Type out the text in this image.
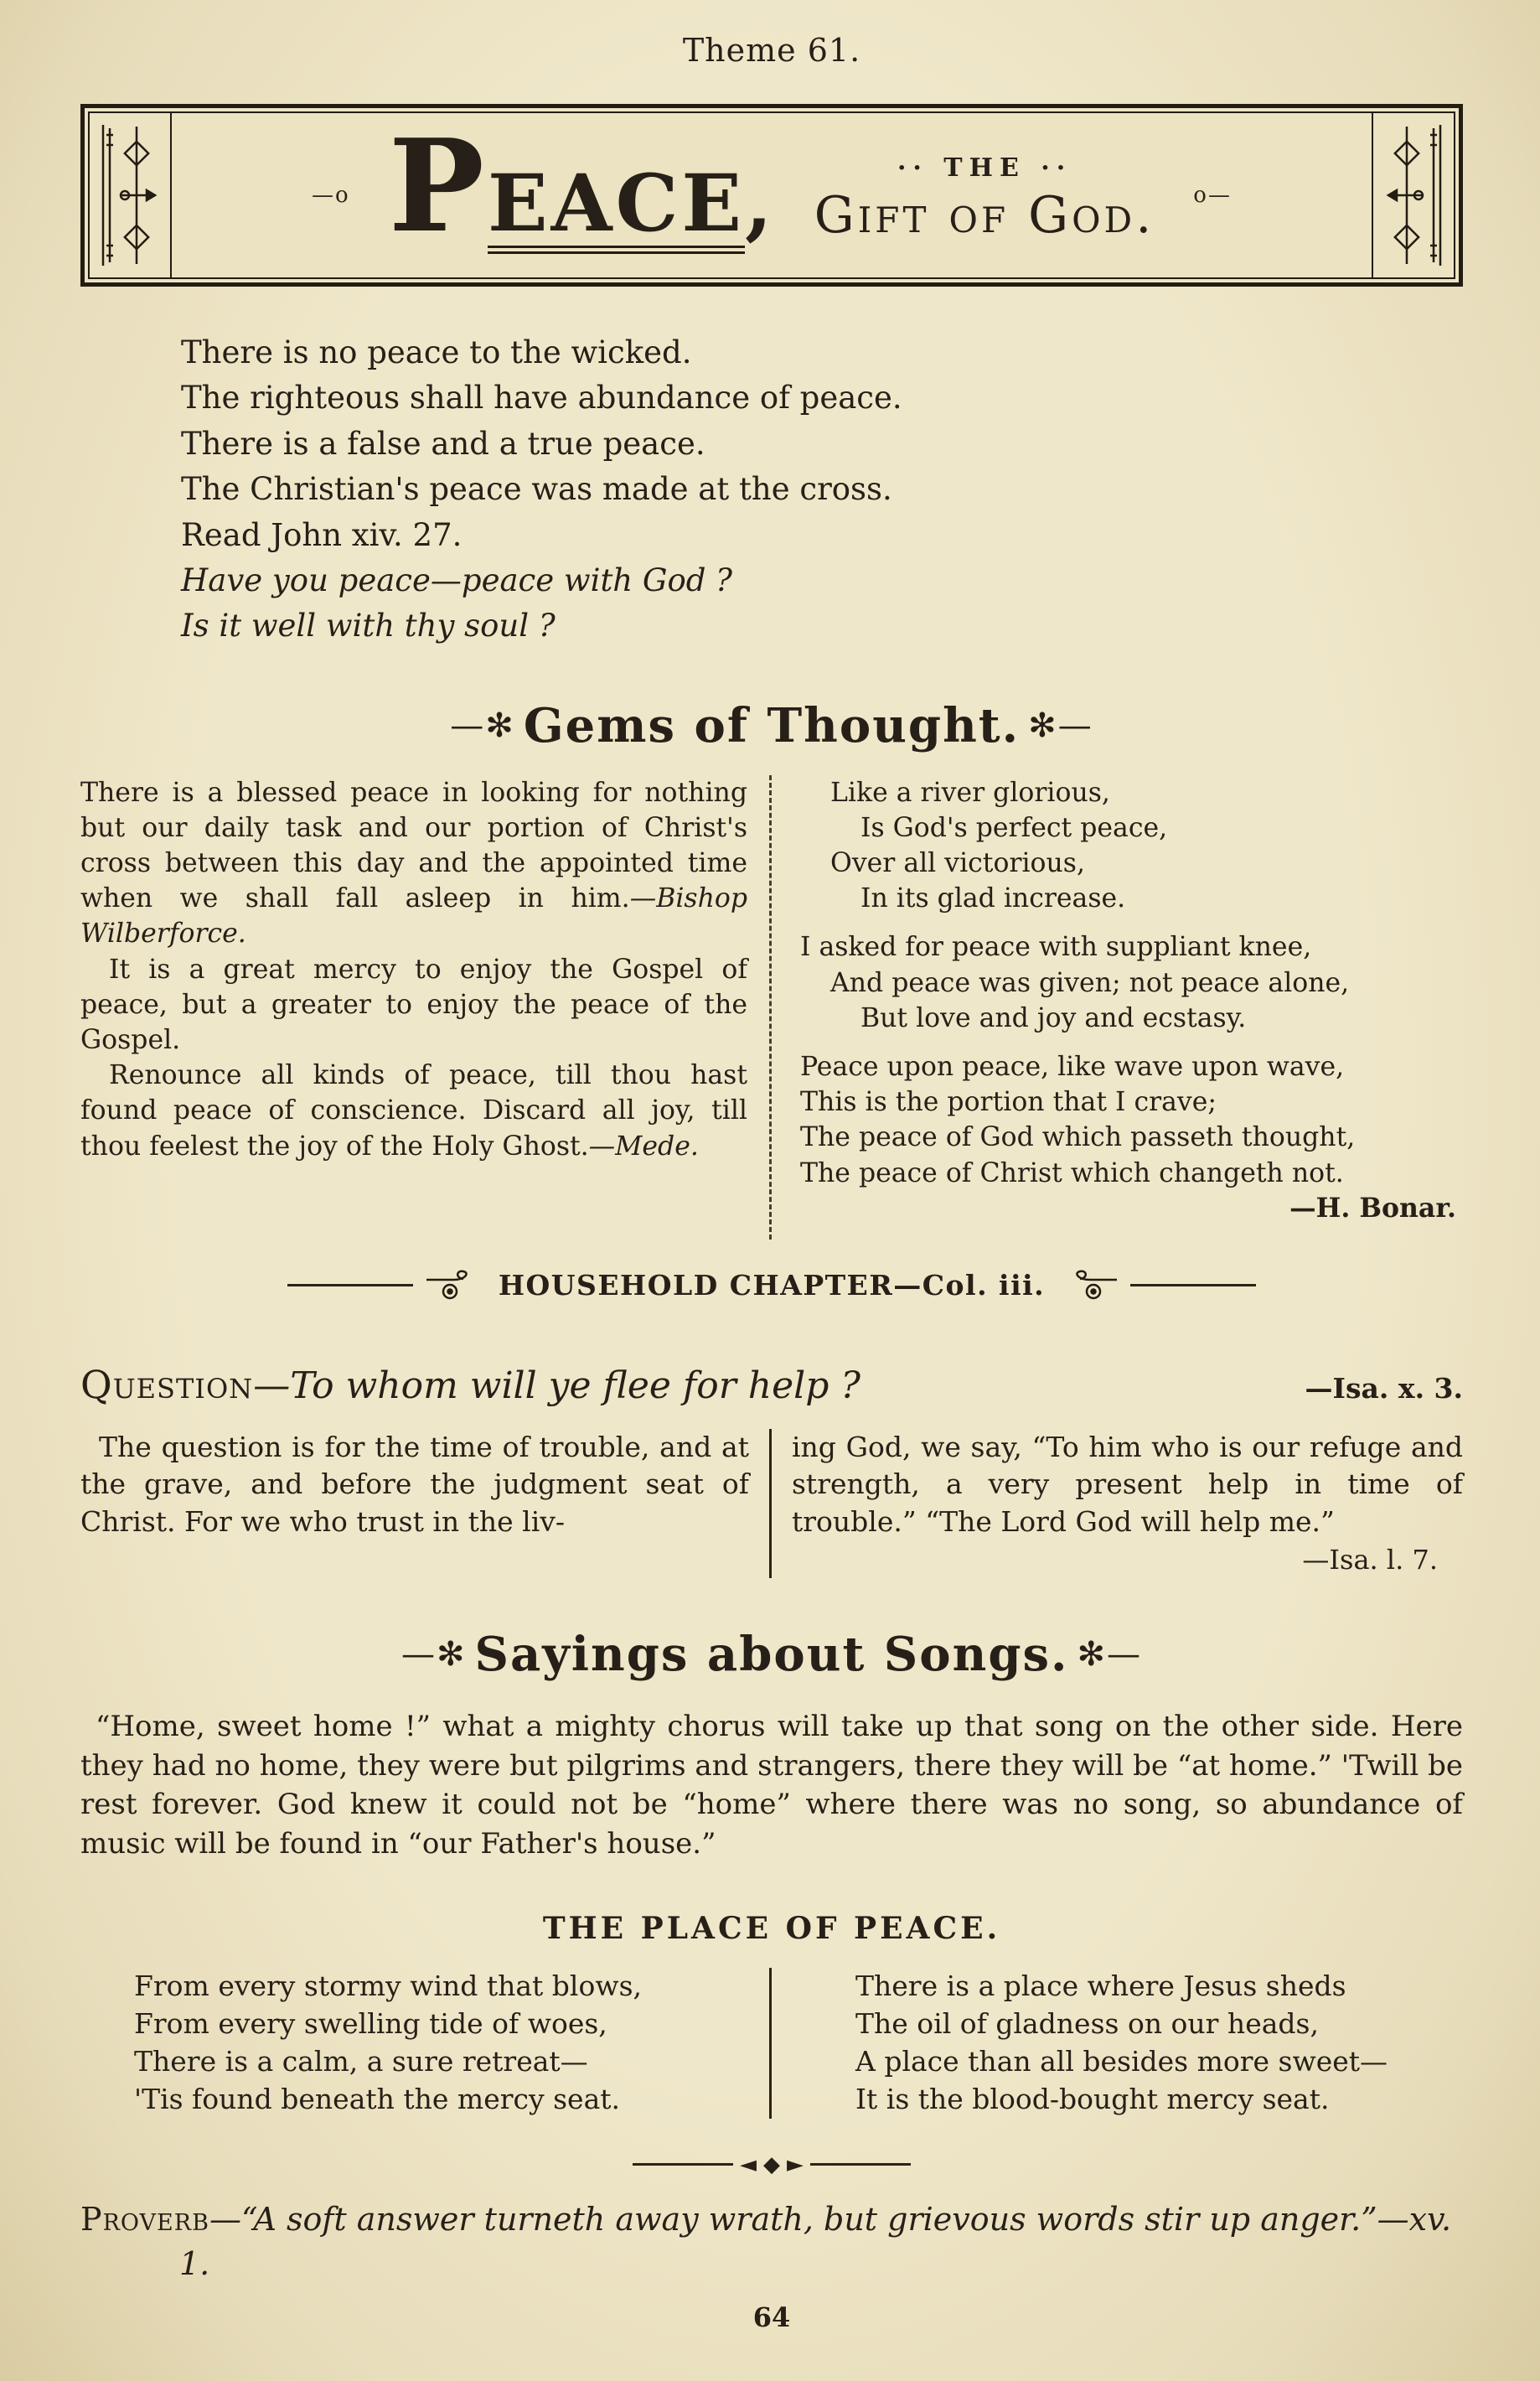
Theme 61.
—o P EACE ,	·· THE ··
Gift of God. o—
There is no peace to the wicked.
The righteous shall have abundance of peace.
There is a false and a true peace.
The Christian's peace was made at the cross.
Read John xiv. 27.
Have you peace—peace with God ?
Is it well with thy soul ?
—✻ Gems of Thought. ✻—

There is a blessed peace in looking for nothing but our daily task and our portion of Christ's cross between this day and the appointed time when we shall fall asleep in him.—Bishop Wilberforce.

It is a great mercy to enjoy the Gospel of peace, but a greater to enjoy the peace of the Gospel.

Renounce all kinds of peace, till thou hast found peace of conscience. Discard all joy, till thou feelest the joy of the Holy Ghost.—Mede.

Like a river glorious,
Is God's perfect peace,
Over all victorious,
In its glad increase.
I asked for peace with suppliant knee,
And peace was given; not peace alone,
But love and joy and ecstasy.
Peace upon peace, like wave upon wave,
This is the portion that I crave;
The peace of God which passeth thought,
The peace of Christ which changeth not.
—H. Bonar.
HOUSEHOLD CHAPTER—Col. iii.
Question —To whom will ye flee for help ?	—Isa. x. 3.
The question is for the time of trouble, and at the grave, and before the judgment seat of Christ. For we who trust in the liv-
ing God, we say, “To him who is our refuge and strength, a very present help in time of trouble.” “The Lord God will help me.”
—Isa. l. 7.
—✻ Sayings about Songs. ✻—

“Home, sweet home !” what a mighty chorus will take up that song on the other side. Here they had no home, they were but pilgrims and strangers, there they will be “at home.” 'Twill be rest forever. God knew it could not be “home” where there was no song, so abundance of music will be found in “our Father's house.”

THE PLACE OF PEACE.
From every stormy wind that blows,
From every swelling tide of woes,
There is a calm, a sure retreat—
'Tis found beneath the mercy seat.
There is a place where Jesus sheds
The oil of gladness on our heads,
A place than all besides more sweet—
It is the blood-bought mercy seat.
◄ ◆ ►
Proverb—“A soft answer turneth away wrath, but grievous words stir up anger.”—xv. 1.
64
